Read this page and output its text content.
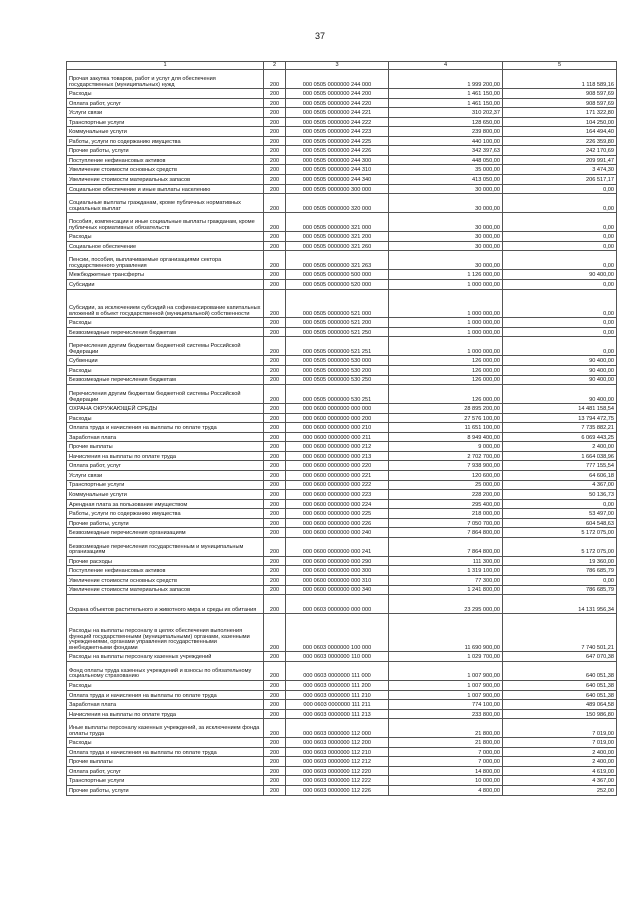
37
1	2	3	4	5
Прочая закупка товаров, работ и услуг для обеспечения государственных (муниципальных) нужд	200	000 0505 0000000 244 000	1 999 200,00	1 118 589,16
Расходы	200	000 0505 0000000 244 200	1 461 150,00	908 597,69
Оплата работ, услуг	200	000 0505 0000000 244 220	1 461 150,00	908 597,69
Услуги связи	200	000 0505 0000000 244 221	310 202,37	171 322,80
Транспортные услуги	200	000 0505 0000000 244 222	128 650,00	104 250,00
Коммунальные услуги	200	000 0505 0000000 244 223	239 800,00	164 494,40
Работы, услуги по содержанию имущества	200	000 0505 0000000 244 225	440 100,00	226 359,80
Прочие работы, услуги	200	000 0505 0000000 244 226	342 397,63	242 170,69
Поступление нефинансовых активов	200	000 0505 0000000 244 300	448 050,00	209 991,47
Увеличение стоимости основных средств	200	000 0505 0000000 244 310	35 000,00	3 474,30
Увеличение стоимости материальных запасов	200	000 0505 0000000 244 340	413 050,00	206 517,17
Социальное обеспечение и иные выплаты населению	200	000 0505 0000000 300 000	30 000,00	0,00
Социальные выплаты гражданам, кроме публичных нормативных социальных выплат	200	000 0505 0000000 320 000	30 000,00	0,00
Пособия, компенсации и иные социальные выплаты гражданам, кроме публичных нормативных обязательств	200	000 0505 0000000 321 000	30 000,00	0,00
Расходы	200	000 0505 0000000 321 200	30 000,00	0,00
Социальное обеспечение	200	000 0505 0000000 321 260	30 000,00	0,00
Пенсии, пособия, выплачиваемые организациями сектора государственного управления	200	000 0505 0000000 321 263	30 000,00	0,00
Межбюджетные трансферты	200	000 0505 0000000 500 000	1 126 000,00	90 400,00
Субсидии	200	000 0505 0000000 520 000	1 000 000,00	0,00
Субсидии, за исключением субсидий на софинансирование капитальных вложений в объект государственной (муниципальной) собственности	200	000 0505 0000000 521 000	1 000 000,00	0,00
Расходы	200	000 0505 0000000 521 200	1 000 000,00	0,00
Безвозмездные перечисления бюджетам	200	000 0505 0000000 521 250	1 000 000,00	0,00
Перечисления другим бюджетам бюджетной системы Российской Федерации	200	000 0505 0000000 521 251	1 000 000,00	0,00
Субвенции	200	000 0505 0000000 530 000	126 000,00	90 400,00
Расходы	200	000 0505 0000000 530 200	126 000,00	90 400,00
Безвозмездные перечисления бюджетам	200	000 0505 0000000 530 250	126 000,00	90 400,00
Перечисления другим бюджетам бюджетной системы Российской Федерации	200	000 0505 0000000 530 251	126 000,00	90 400,00
ОХРАНА ОКРУЖАЮЩЕЙ СРЕДЫ	200	000 0600 0000000 000 000	28 895 200,00	14 481 158,54
Расходы	200	000 0600 0000000 000 200	27 576 100,00	13 794 472,75
Оплата труда и начисления на выплаты по оплате труда	200	000 0600 0000000 000 210	11 651 100,00	7 735 882,21
Заработная плата	200	000 0600 0000000 000 211	8 949 400,00	6 069 443,25
Прочие выплаты	200	000 0600 0000000 000 212	9 000,00	2 400,00
Начисления на выплаты по оплате труда	200	000 0600 0000000 000 213	2 702 700,00	1 664 038,96
Оплата работ, услуг	200	000 0600 0000000 000 220	7 938 900,00	777 155,54
Услуги связи	200	000 0600 0000000 000 221	120 600,00	64 606,18
Транспортные услуги	200	000 0600 0000000 000 222	25 000,00	4 367,00
Коммунальные услуги	200	000 0600 0000000 000 223	228 200,00	50 136,73
Арендная плата за пользование имуществом	200	000 0600 0000000 000 224	295 400,00	0,00
Работы, услуги по содержанию имущества	200	000 0600 0000000 000 225	218 000,00	53 497,00
Прочие работы, услуги	200	000 0600 0000000 000 226	7 050 700,00	604 548,63
Безвозмездные перечисления организациям	200	000 0600 0000000 000 240	7 864 800,00	5 172 075,00
Безвозмездные перечисления государственным и муниципальным организациям	200	000 0600 0000000 000 241	7 864 800,00	5 172 075,00
Прочие расходы	200	000 0600 0000000 000 290	111 300,00	19 360,00
Поступление нефинансовых активов	200	000 0600 0000000 000 300	1 319 100,00	786 685,79
Увеличение стоимости основных средств	200	000 0600 0000000 000 310	77 300,00	0,00
Увеличение стоимости материальных запасов	200	000 0600 0000000 000 340	1 241 800,00	786 685,79
Охрана объектов растительного и животного мира и среды их обитания	200	000 0603 0000000 000 000	23 295 000,00	14 131 956,34
Расходы на выплаты персоналу в целях обеспечения выполнения функций государственными (муниципальными) органами, казенными учреждениями, органами управления государственными внебюджетными фондами	200	000 0603 0000000 100 000	11 690 900,00	7 740 501,21
Расходы на выплаты персоналу казенных учреждений	200	000 0603 0000000 110 000	1 029 700,00	647 070,38
Фонд оплаты труда казенных учреждений и взносы по обязательному социальному страхованию	200	000 0603 0000000 111 000	1 007 900,00	640 051,38
Расходы	200	000 0603 0000000 111 200	1 007 900,00	640 051,38
Оплата труда и начисления на выплаты по оплате труда	200	000 0603 0000000 111 210	1 007 900,00	640 051,38
Заработная плата	200	000 0603 0000000 111 211	774 100,00	489 064,58
Начисления на выплаты по оплате труда	200	000 0603 0000000 111 213	233 800,00	150 986,80
Иные выплаты персоналу казенных учреждений, за исключением фонда оплаты труда	200	000 0603 0000000 112 000	21 800,00	7 019,00
Расходы	200	000 0603 0000000 112 200	21 800,00	7 019,00
Оплата труда и начисления на выплаты по оплате труда	200	000 0603 0000000 112 210	7 000,00	2 400,00
Прочие выплаты	200	000 0603 0000000 112 212	7 000,00	2 400,00
Оплата работ, услуг	200	000 0603 0000000 112 220	14 800,00	4 619,00
Транспортные услуги	200	000 0603 0000000 112 222	10 000,00	4 367,00
Прочие работы, услуги	200	000 0603 0000000 112 226	4 800,00	252,00
